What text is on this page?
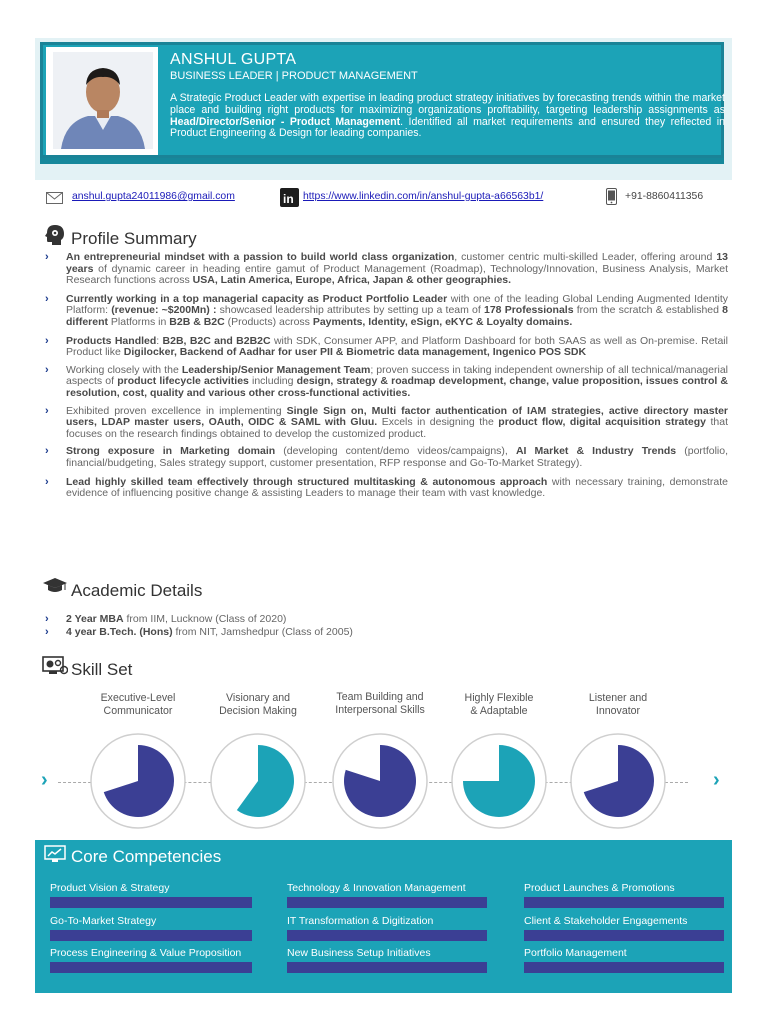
ANSHUL GUPTA
BUSINESS LEADER | PRODUCT MANAGEMENT
A Strategic Product Leader with expertise in leading product strategy initiatives by forecasting trends within the market place and building right products for maximizing organizations profitability, targeting leadership assignments as Head/Director/Senior - Product Management. Identified all market requirements and ensured they reflected in Product Engineering & Design for leading companies.
anshul.gupta24011986@gmail.com	in https://www.linkedin.com/in/anshul-gupta-a66563b1/	+91-8860411356
Profile Summary
› An entrepreneurial mindset with a passion to build world class organization, customer centric multi-skilled Leader, offering around 13 years of dynamic career in heading entire gamut of Product Management (Roadmap), Technology/Innovation, Business Analysis, Market Research functions across USA, Latin America, Europe, Africa, Japan & other geographies.
› Currently working in a top managerial capacity as Product Portfolio Leader with one of the leading Global Lending Augmented Identity Platform: (revenue: ~$200Mn) : showcased leadership attributes by setting up a team of 178 Professionals from the scratch & established 8 different Platforms in B2B & B2C (Products) across Payments, Identity, eSign, eKYC & Loyalty domains.
› Products Handled: B2B, B2C and B2B2C with SDK, Consumer APP, and Platform Dashboard for both SAAS as well as On-premise. Retail Product like Digilocker, Backend of Aadhar for user PII & Biometric data management, Ingenico POS SDK
› Working closely with the Leadership/Senior Management Team; proven success in taking independent ownership of all technical/managerial aspects of product lifecycle activities including design, strategy & roadmap development, change, value proposition, issues control & resolution, cost, quality and various other cross-functional activities.
› Exhibited proven excellence in implementing Single Sign on, Multi factor authentication of IAM strategies, active directory master users, LDAP master users, OAuth, OIDC & SAML with Gluu. Excels in designing the product flow, digital acquisition strategy that focuses on the research findings obtained to develop the customized product.
› Strong exposure in Marketing domain (developing content/demo videos/campaigns), AI Market & Industry Trends (portfolio, financial/budgeting, Sales strategy support, customer presentation, RFP response and Go-To-Market Strategy).
› Lead highly skilled team effectively through structured multitasking & autonomous approach with necessary training, demonstrate evidence of influencing positive change & assisting Leaders to manage their team with vast knowledge.
Academic Details
› 2 Year MBA from IIM, Lucknow (Class of 2020)
› 4 year B.Tech. (Hons) from NIT, Jamshedpur (Class of 2005)
Skill Set
›	›
Executive-Level
Communicator
Visionary and
Decision Making
Team Building and
Interpersonal Skills
Highly Flexible
& Adaptable
Listener and
Innovator
Core Competencies
Product Vision & Strategy	Technology & Innovation Management	Product Launches & Promotions
Go-To-Market Strategy	IT Transformation & Digitization	Client & Stakeholder Engagements
Process Engineering & Value Proposition	New Business Setup Initiatives	Portfolio Management
